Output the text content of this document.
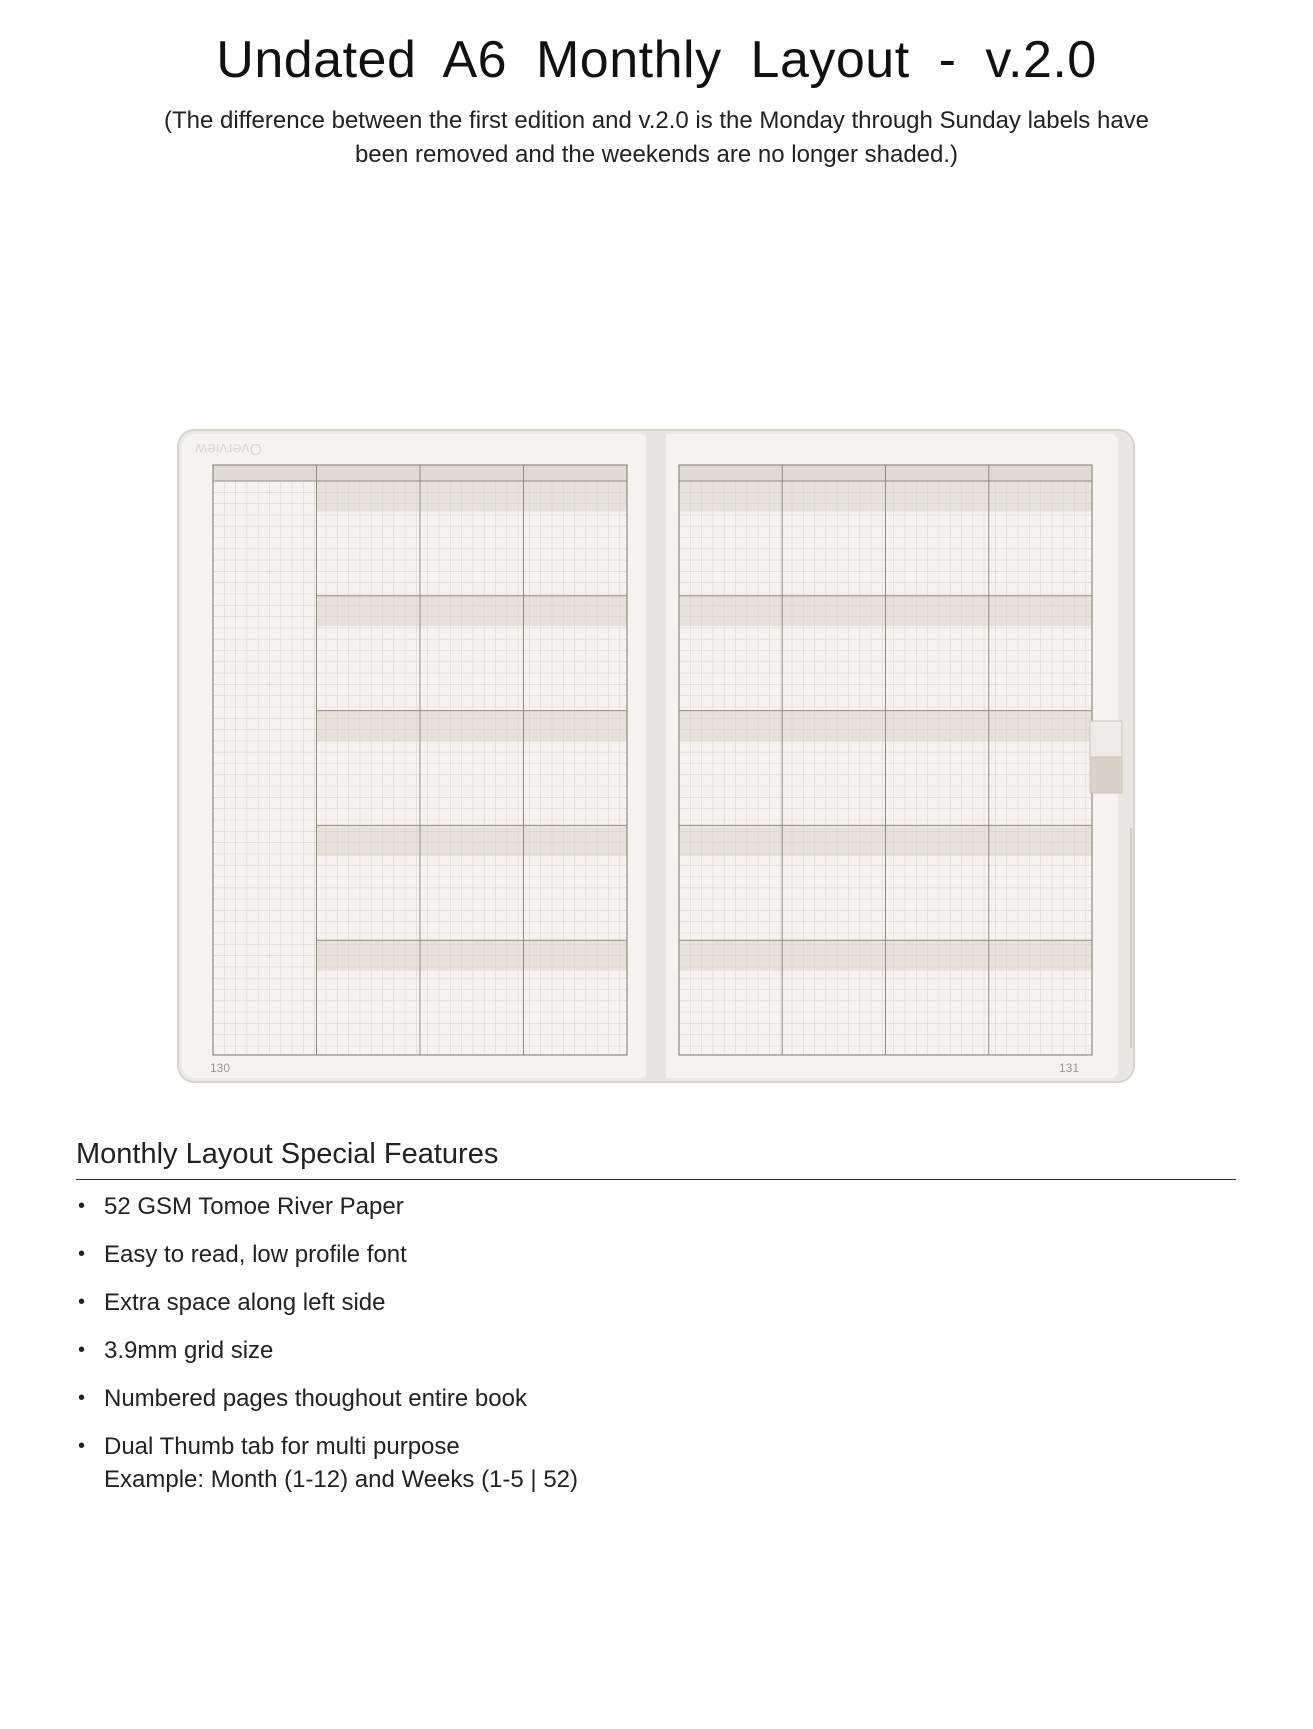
Undated A6 Monthly Layout - v.2.0
(The difference between the first edition and v.2.0 is the Monday through Sunday labels have
been removed and the weekends are no longer shaded.)
Overview
130	131
Monthly Layout Special Features
• 52 GSM Tomoe River Paper
• Easy to read, low profile font
• Extra space along left side
• 3.9mm grid size
• Numbered pages thoughout entire book
• Dual Thumb tab for multi purpose
Example: Month (1-12) and Weeks (1-5 | 52)
